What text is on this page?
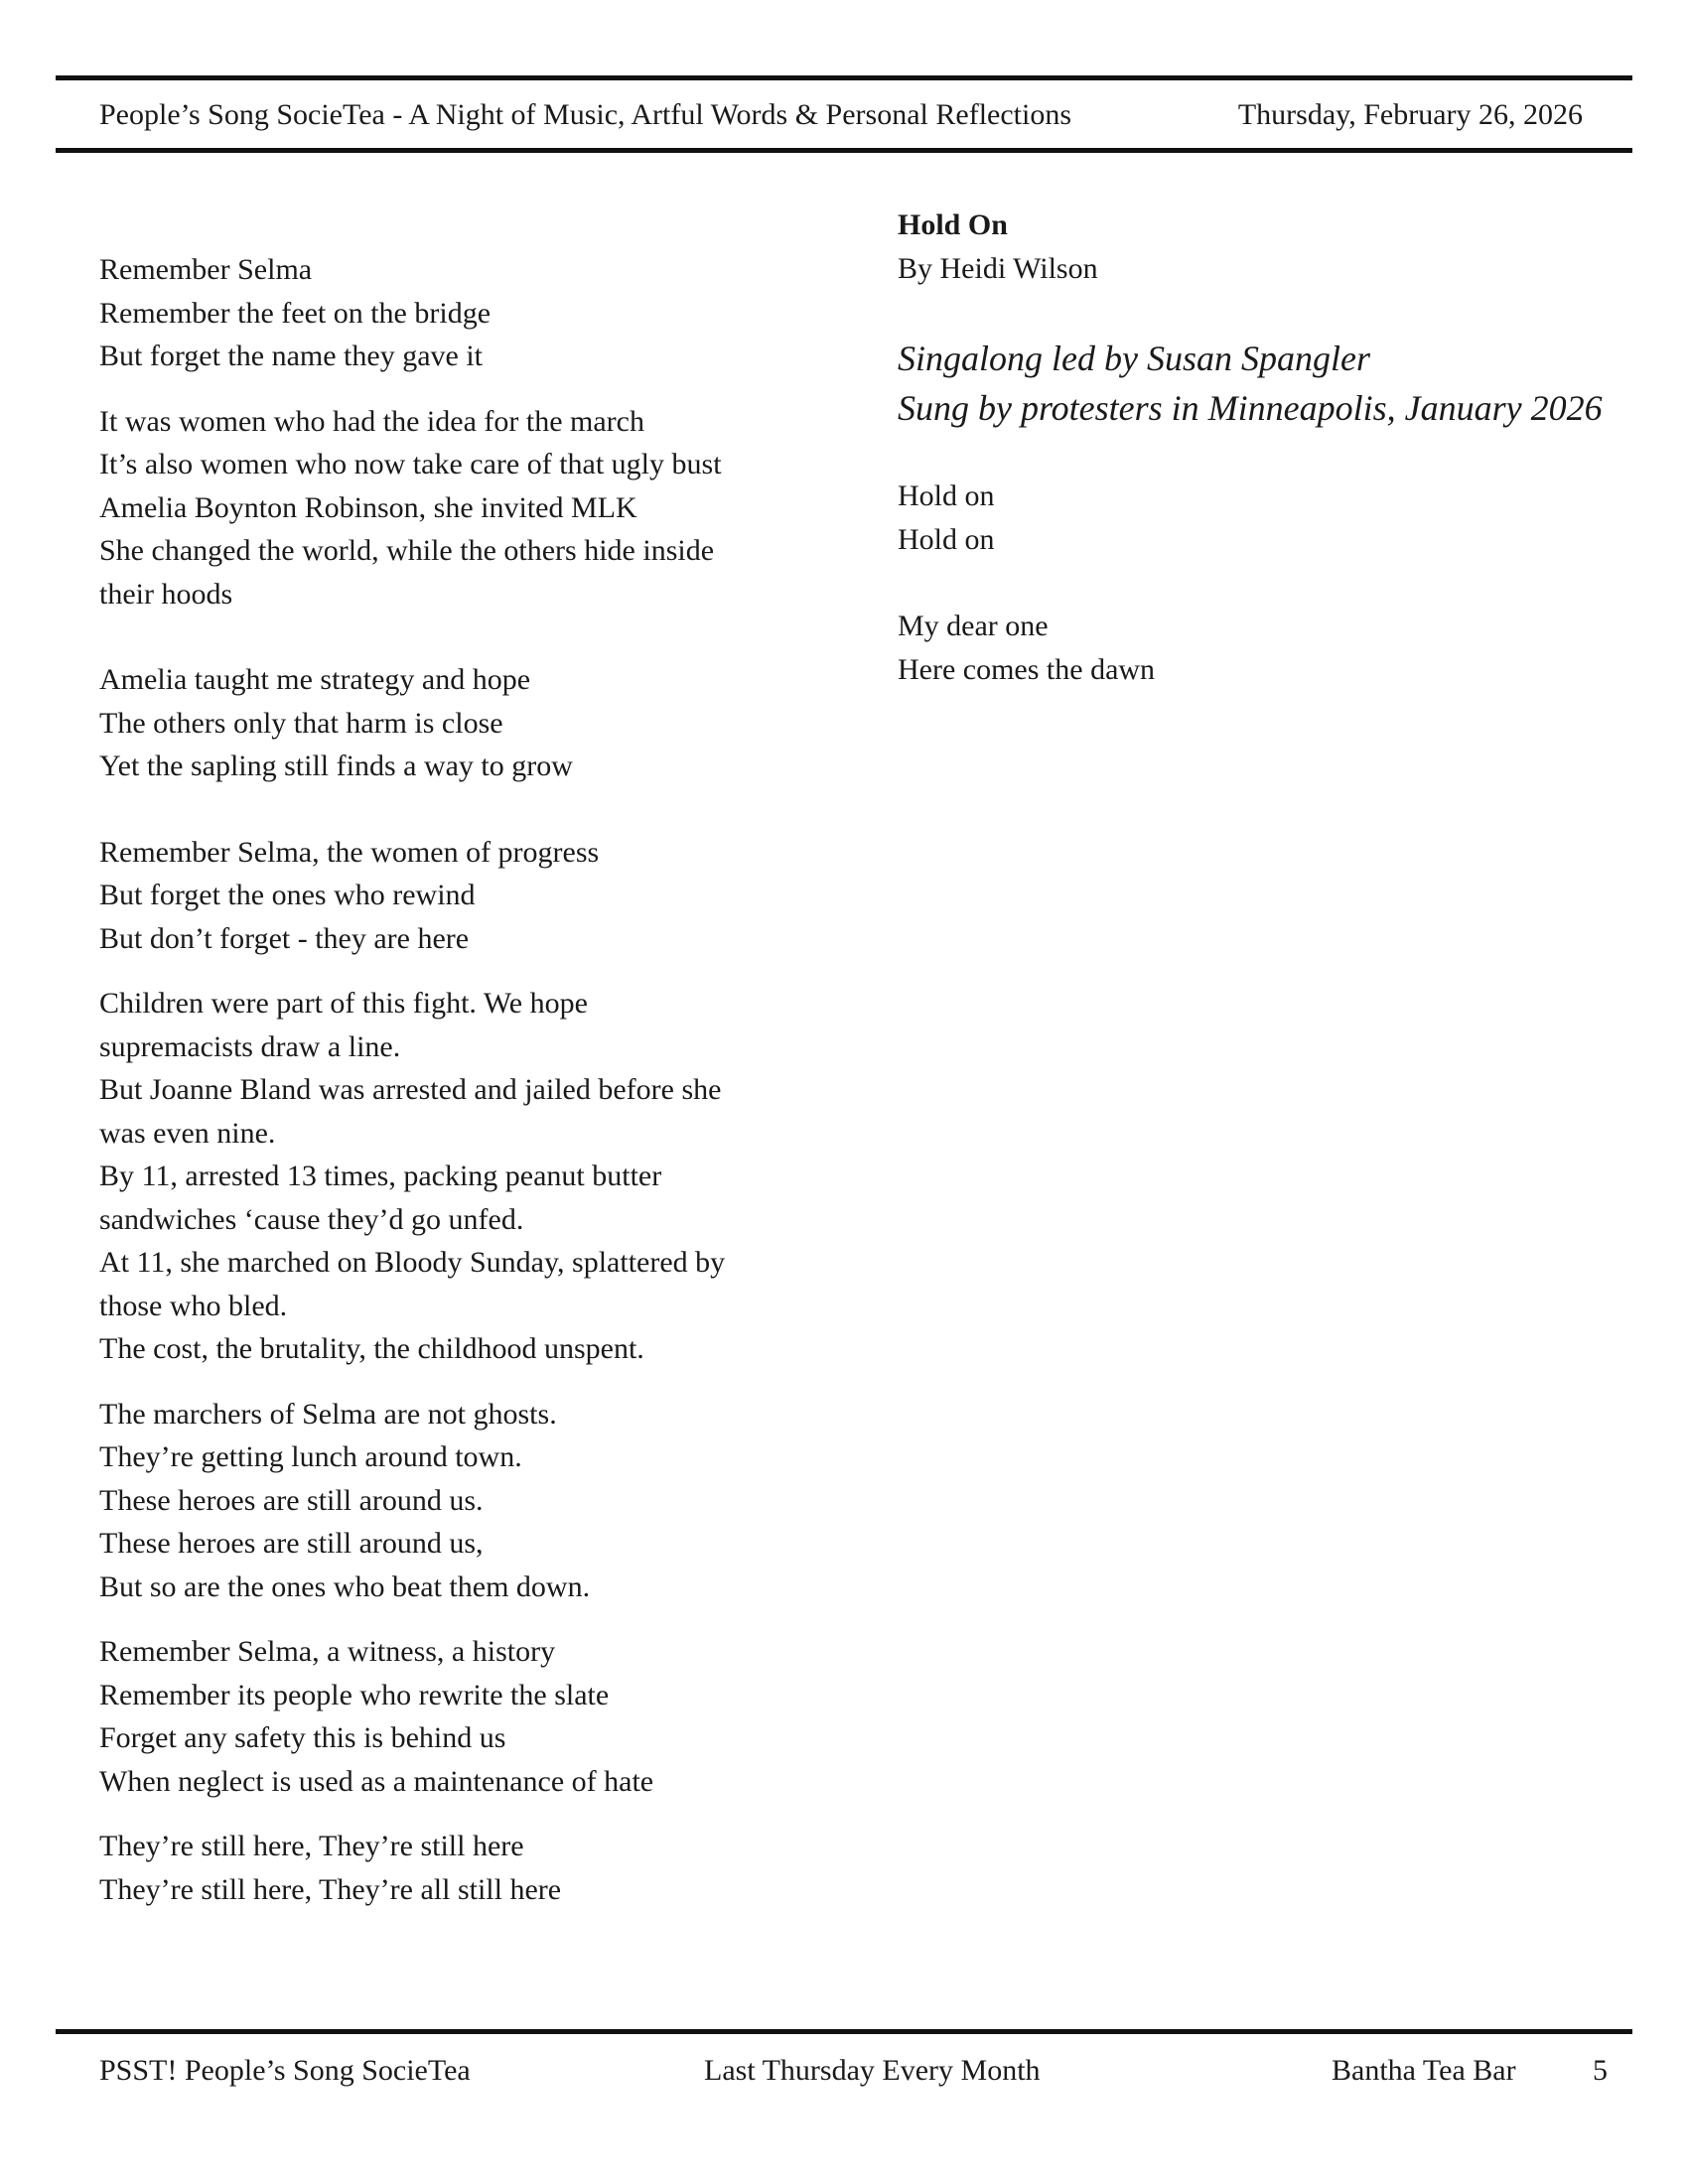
People’s Song SocieTea - A Night of Music, Artful Words & Personal Reflections	Thursday, February 26, 2026
Remember Selma
Remember the feet on the bridge
But forget the name they gave it
It was women who had the idea for the march
It’s also women who now take care of that ugly bust
Amelia Boynton Robinson, she invited MLK
She changed the world, while the others hide inside
their hoods
Amelia taught me strategy and hope
The others only that harm is close
Yet the sapling still finds a way to grow
Remember Selma, the women of progress
But forget the ones who rewind
But don’t forget - they are here
Children were part of this fight. We hope
supremacists draw a line.
But Joanne Bland was arrested and jailed before she
was even nine.
By 11, arrested 13 times, packing peanut butter
sandwiches ‘cause they’d go unfed.
At 11, she marched on Bloody Sunday, splattered by
those who bled.
The cost, the brutality, the childhood unspent.
The marchers of Selma are not ghosts.
They’re getting lunch around town.
These heroes are still around us.
These heroes are still around us,
But so are the ones who beat them down.
Remember Selma, a witness, a history
Remember its people who rewrite the slate
Forget any safety this is behind us
When neglect is used as a maintenance of hate
They’re still here, They’re still here
They’re still here, They’re all still here
Hold On
By Heidi Wilson
Singalong led by Susan Spangler
Sung by protesters in Minneapolis, January 2026
Hold on
Hold on
My dear one
Here comes the dawn
PSST! People’s Song SocieTea	Last Thursday Every Month	Bantha Tea Bar	5
